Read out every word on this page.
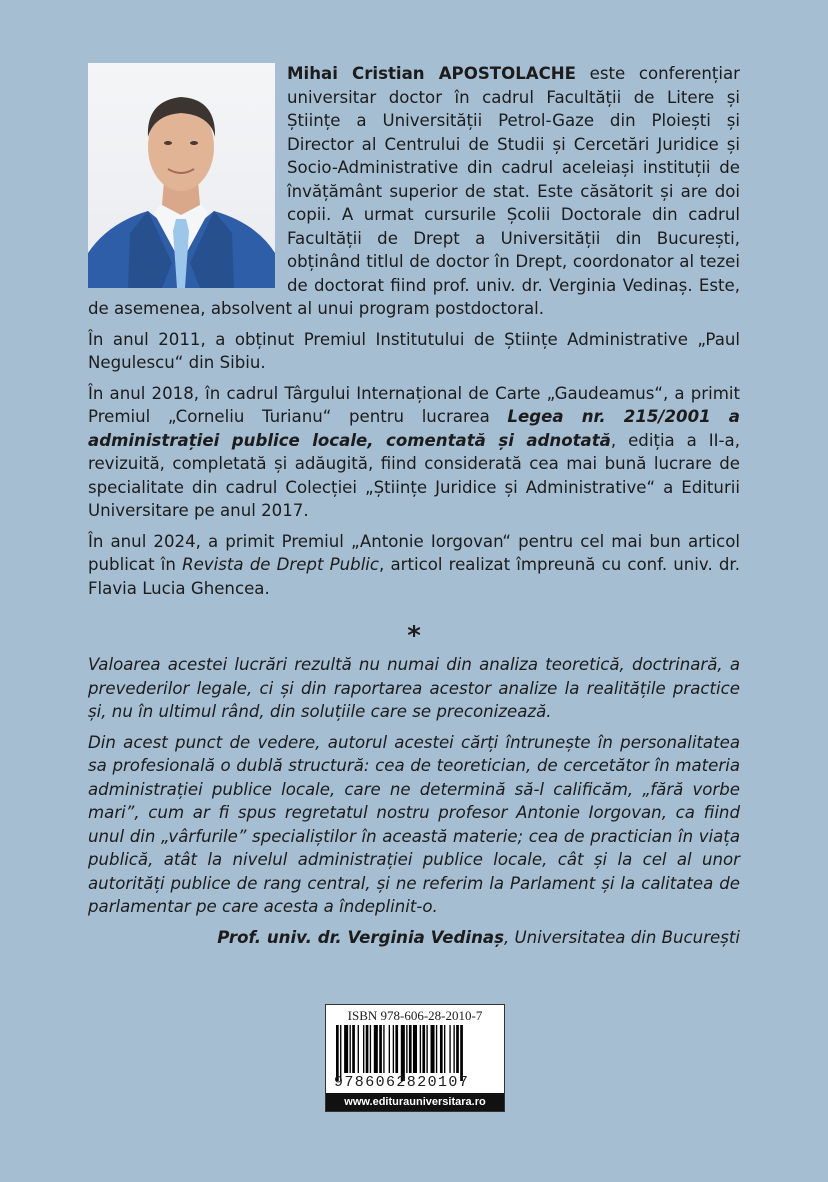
Mihai Cristian APOSTOLACHE este conferențiar universitar doctor în cadrul Facultății de Litere și Științe a Universității Petrol-Gaze din Ploiești și Director al Centrului de Studii și Cercetări Juridice și Socio-Administrative din cadrul aceleiași instituții de învățământ superior de stat. Este căsătorit și are doi copii. A urmat cursurile Școlii Doctorale din cadrul Facultății de Drept a Universității din București, obținând titlul de doctor în Drept, coordonator al tezei de doctorat fiind prof. univ. dr. Verginia Vedinaș. Este, de asemenea, absolvent al unui program postdoctoral.

În anul 2011, a obținut Premiul Institutului de Științe Administrative „Paul Negulescu“ din Sibiu.

În anul 2018, în cadrul Târgului Internațional de Carte „Gaudeamus“, a primit Premiul „Corneliu Turianu“ pentru lucrarea Legea nr. 215/2001 a administrației publice locale, comentată și adnotată, ediția a II-a, revizuită, completată și adăugită, fiind considerată cea mai bună lucrare de specialitate din cadrul Colecției „Științe Juridice și Administrative“ a Editurii Universitare pe anul 2017.

În anul 2024, a primit Premiul „Antonie Iorgovan“ pentru cel mai bun articol publicat în Revista de Drept Public, articol realizat împreună cu conf. univ. dr. Flavia Lucia Ghencea.

*

Valoarea acestei lucrări rezultă nu numai din analiza teoretică, doctrinară, a prevederilor legale, ci și din raportarea acestor analize la realitățile practice și, nu în ultimul rând, din soluțiile care se preconizează.

Din acest punct de vedere, autorul acestei cărți întrunește în personalitatea sa profesională o dublă structură: cea de teoretician, de cercetător în materia administrației publice locale, care ne determină să-l calificăm, „fără vorbe mari”, cum ar fi spus regretatul nostru profesor Antonie Iorgovan, ca fiind unul din „vârfurile” specialiștilor în această materie; cea de practician în viața publică, atât la nivelul administrației publice locale, cât și la cel al unor autorități publice de rang central, și ne referim la Parlament și la calitatea de parlamentar pe care acesta a îndeplinit-o.

Prof. univ. dr. Verginia Vedinaș, Universitatea din București

ISBN 978-606-28-2010-7
9786062820107
www.editurauniversitara.ro
